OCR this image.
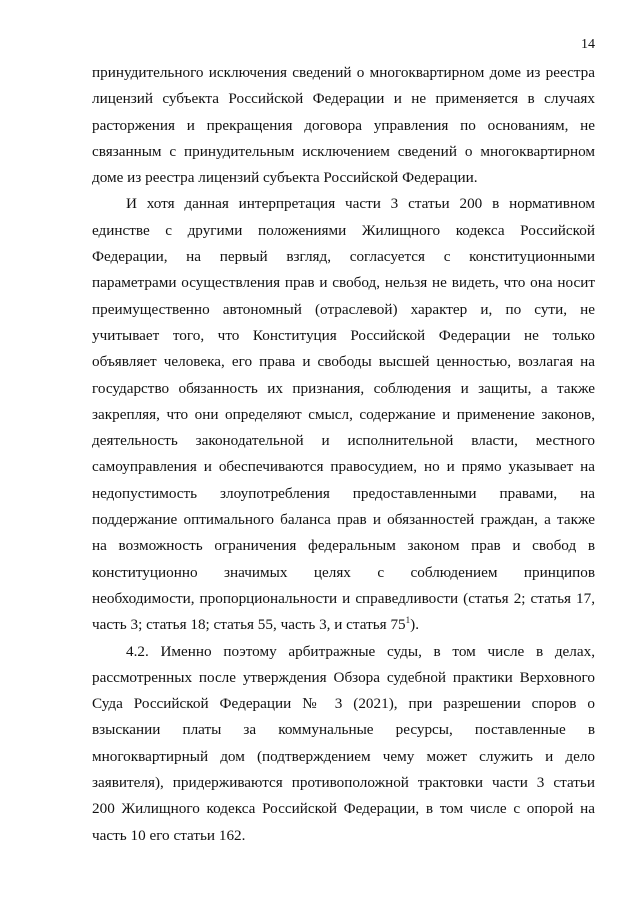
14
принудительного исключения сведений о многоквартирном доме из реестра
лицензий субъекта Российской Федерации и не применяется в случаях
расторжения и прекращения договора управления по основаниям, не
связанным с принудительным исключением сведений о многоквартирном
доме из реестра лицензий субъекта Российской Федерации.
И хотя данная интерпретация части 3 статьи 200 в нормативном
единстве с другими положениями Жилищного кодекса Российской
Федерации, на первый взгляд, согласуется с конституционными
параметрами осуществления прав и свобод, нельзя не видеть, что она носит
преимущественно автономный (отраслевой) характер и, по сути, не
учитывает того, что Конституция Российской Федерации не только
объявляет человека, его права и свободы высшей ценностью, возлагая на
государство обязанность их признания, соблюдения и защиты, а также
закрепляя, что они определяют смысл, содержание и применение законов,
деятельность законодательной и исполнительной власти, местного
самоуправления и обеспечиваются правосудием, но и прямо указывает на
недопустимость злоупотребления предоставленными правами, на
поддержание оптимального баланса прав и обязанностей граждан, а также
на возможность ограничения федеральным законом прав и свобод в
конституционно значимых целях с соблюдением принципов
необходимости, пропорциональности и справедливости (статья 2; статья 17,
часть 3; статья 18; статья 55, часть 3, и статья $75^1$).
4.2. Именно поэтому арбитражные суды, в том числе в делах,
рассмотренных после утверждения Обзора судебной практики Верховного
Суда Российской Федерации № 3 (2021), при разрешении споров о
взыскании платы за коммунальные ресурсы, поставленные в
многоквартирный дом (подтверждением чему может служить и дело
заявителя), придерживаются противоположной трактовки части 3 статьи
200 Жилищного кодекса Российской Федерации, в том числе с опорой на
часть 10 его статьи 162.
